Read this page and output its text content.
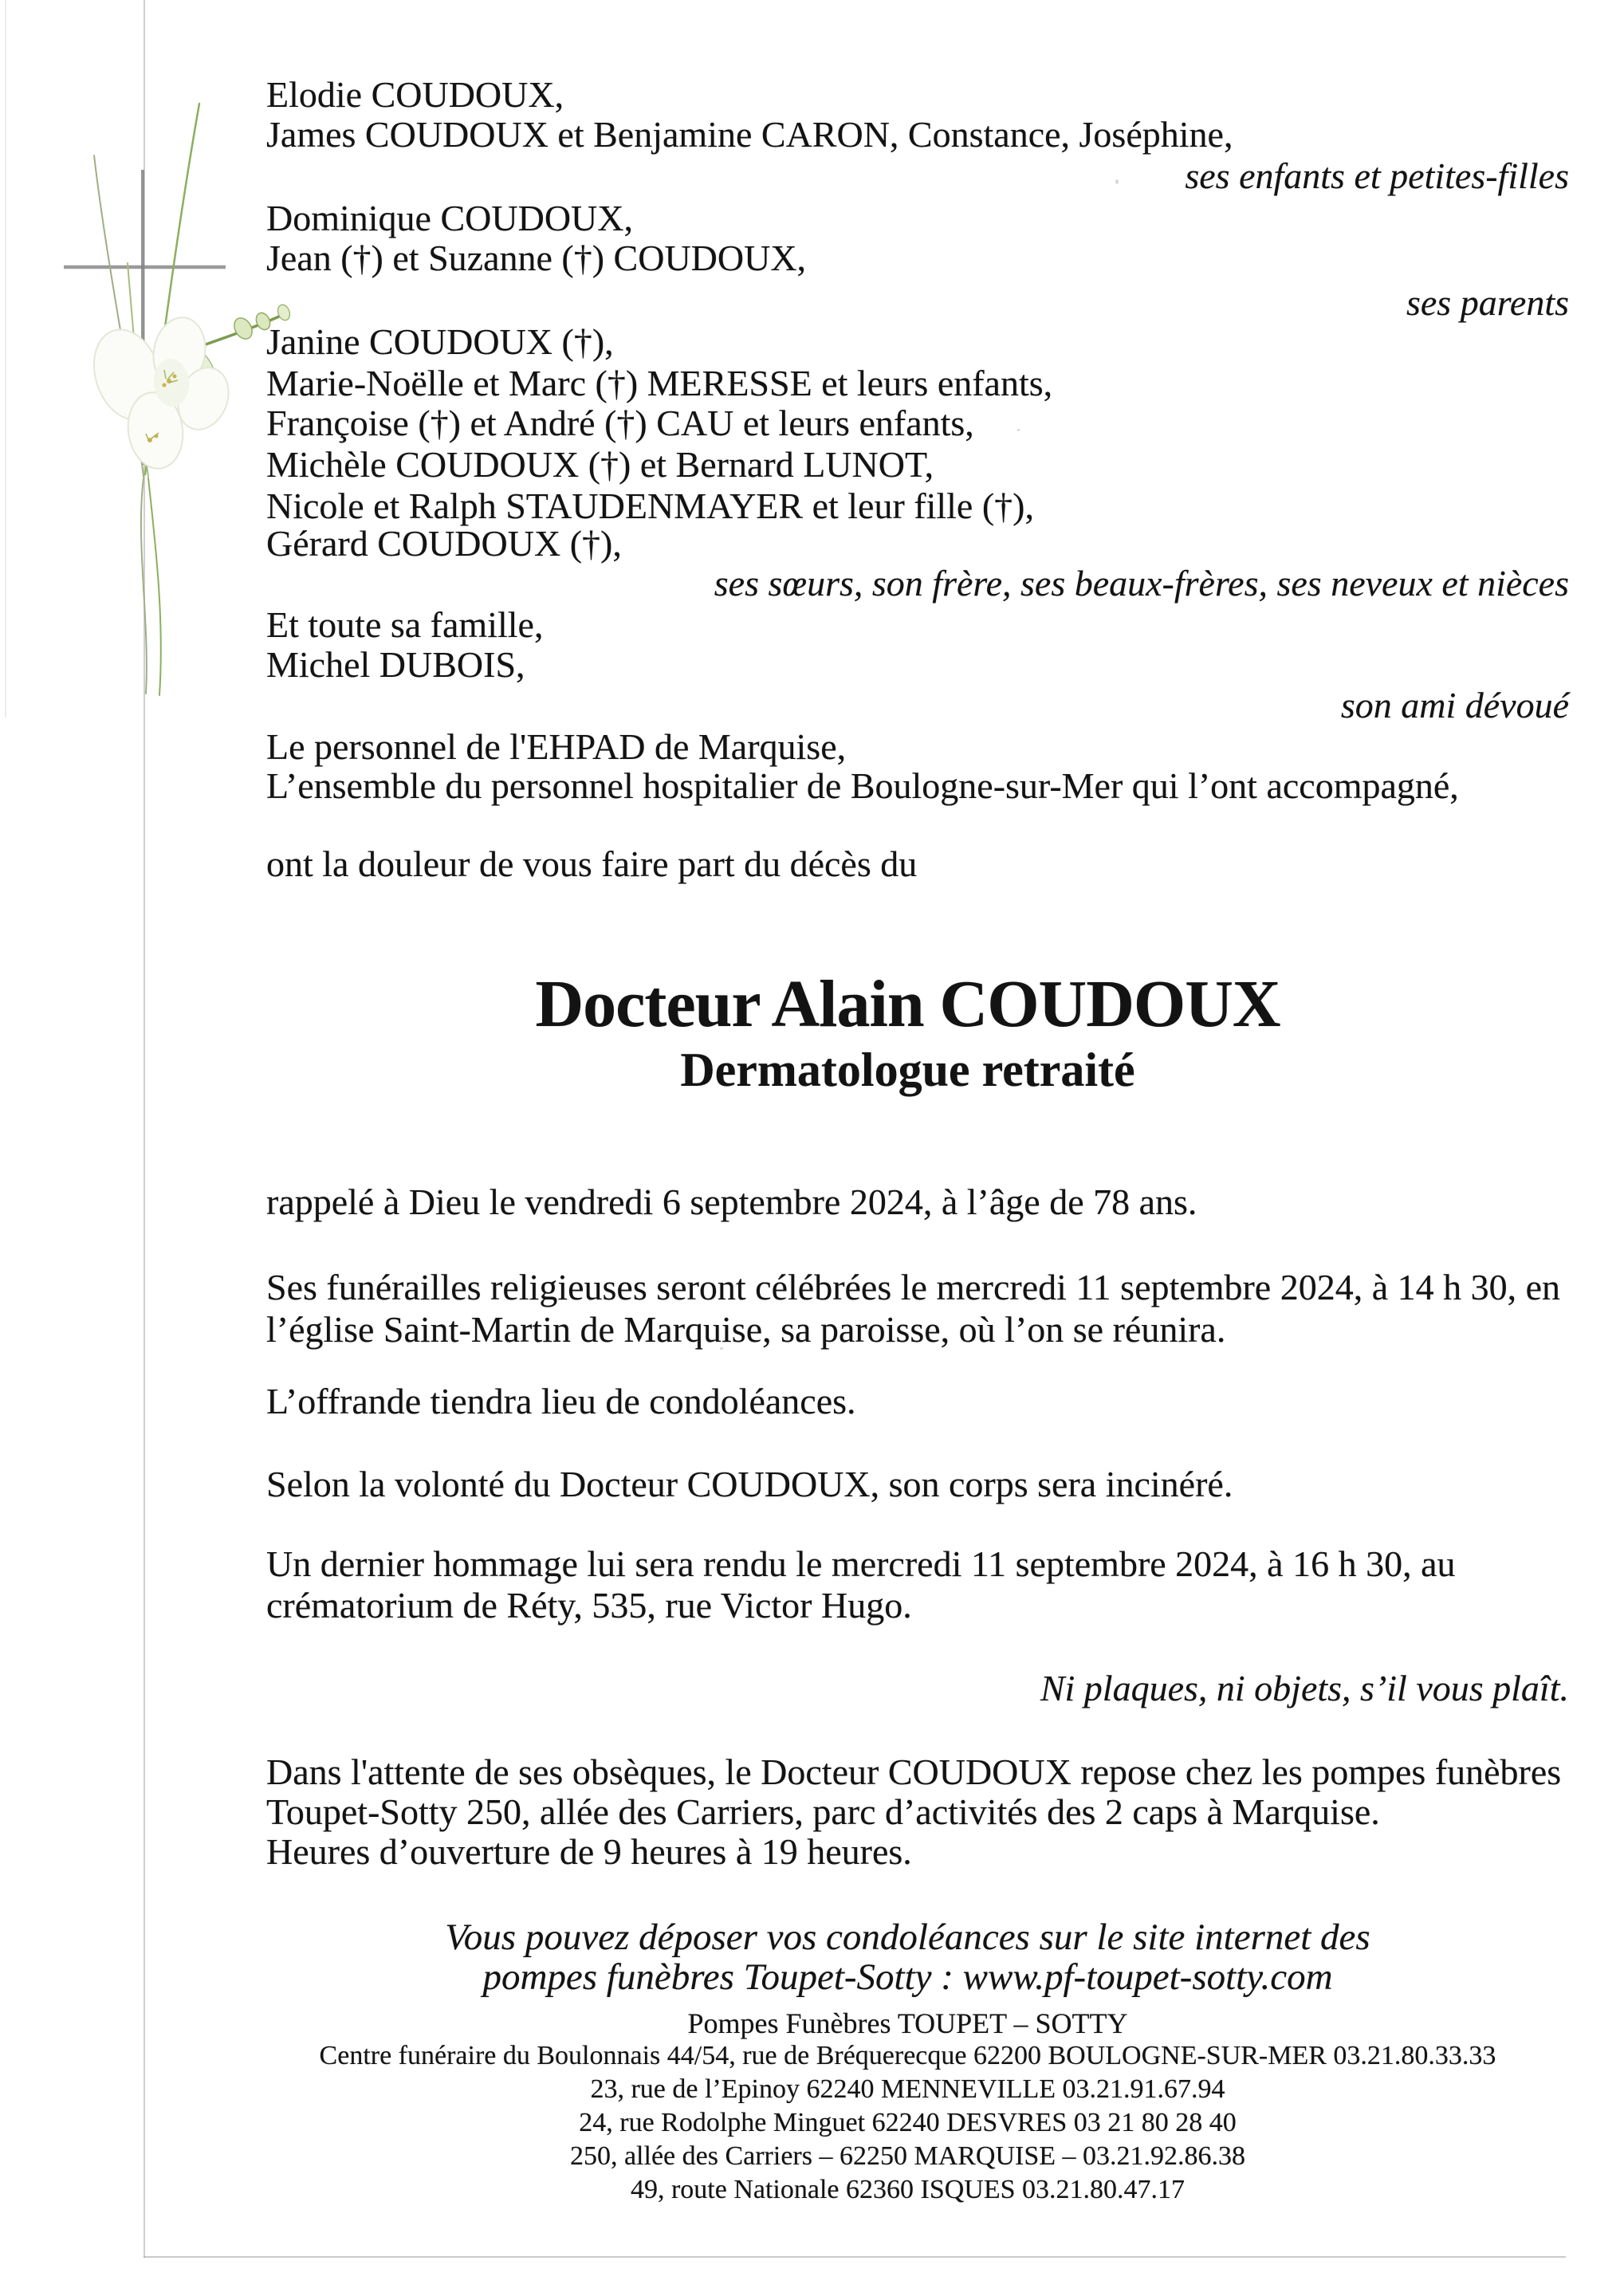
Elodie COUDOUX,
James COUDOUX et Benjamine CARON, Constance, Joséphine,
ses enfants et petites-filles
Dominique COUDOUX,
Jean (†) et Suzanne (†) COUDOUX,
ses parents
Janine COUDOUX (†),
Marie-Noëlle et Marc (†) MERESSE et leurs enfants,
Françoise (†) et André (†) CAU et leurs enfants,
Michèle COUDOUX (†) et Bernard LUNOT,
Nicole et Ralph STAUDENMAYER et leur fille (†),
Gérard COUDOUX (†),
ses sœurs, son frère, ses beaux-frères, ses neveux et nièces
Et toute sa famille,
Michel DUBOIS,
son ami dévoué
Le personnel de l'EHPAD de Marquise,
L’ensemble du personnel hospitalier de Boulogne-sur-Mer qui l’ont accompagné,
ont la douleur de vous faire part du décès du
Docteur Alain COUDOUX
Dermatologue retraité
rappelé à Dieu le vendredi 6 septembre 2024, à l’âge de 78 ans.
Ses funérailles religieuses seront célébrées le mercredi 11 septembre 2024, à 14 h 30, en
l’église Saint-Martin de Marquise, sa paroisse, où l’on se réunira.
L’offrande tiendra lieu de condoléances.
Selon la volonté du Docteur COUDOUX, son corps sera incinéré.
Un dernier hommage lui sera rendu le mercredi 11 septembre 2024, à 16 h 30, au
crématorium de Réty, 535, rue Victor Hugo.
Ni plaques, ni objets, s’il vous plaît.
Dans l'attente de ses obsèques, le Docteur COUDOUX repose chez les pompes funèbres
Toupet-Sotty 250, allée des Carriers, parc d’activités des 2 caps à Marquise.
Heures d’ouverture de 9 heures à 19 heures.
Vous pouvez déposer vos condoléances sur le site internet des
pompes funèbres Toupet-Sotty : www.pf-toupet-sotty.com
Pompes Funèbres TOUPET – SOTTY
Centre funéraire du Boulonnais 44/54, rue de Bréquerecque 62200 BOULOGNE-SUR-MER 03.21.80.33.33
23, rue de l’Epinoy 62240 MENNEVILLE 03.21.91.67.94
24, rue Rodolphe Minguet 62240 DESVRES 03 21 80 28 40
250, allée des Carriers – 62250 MARQUISE – 03.21.92.86.38
49, route Nationale 62360 ISQUES 03.21.80.47.17
